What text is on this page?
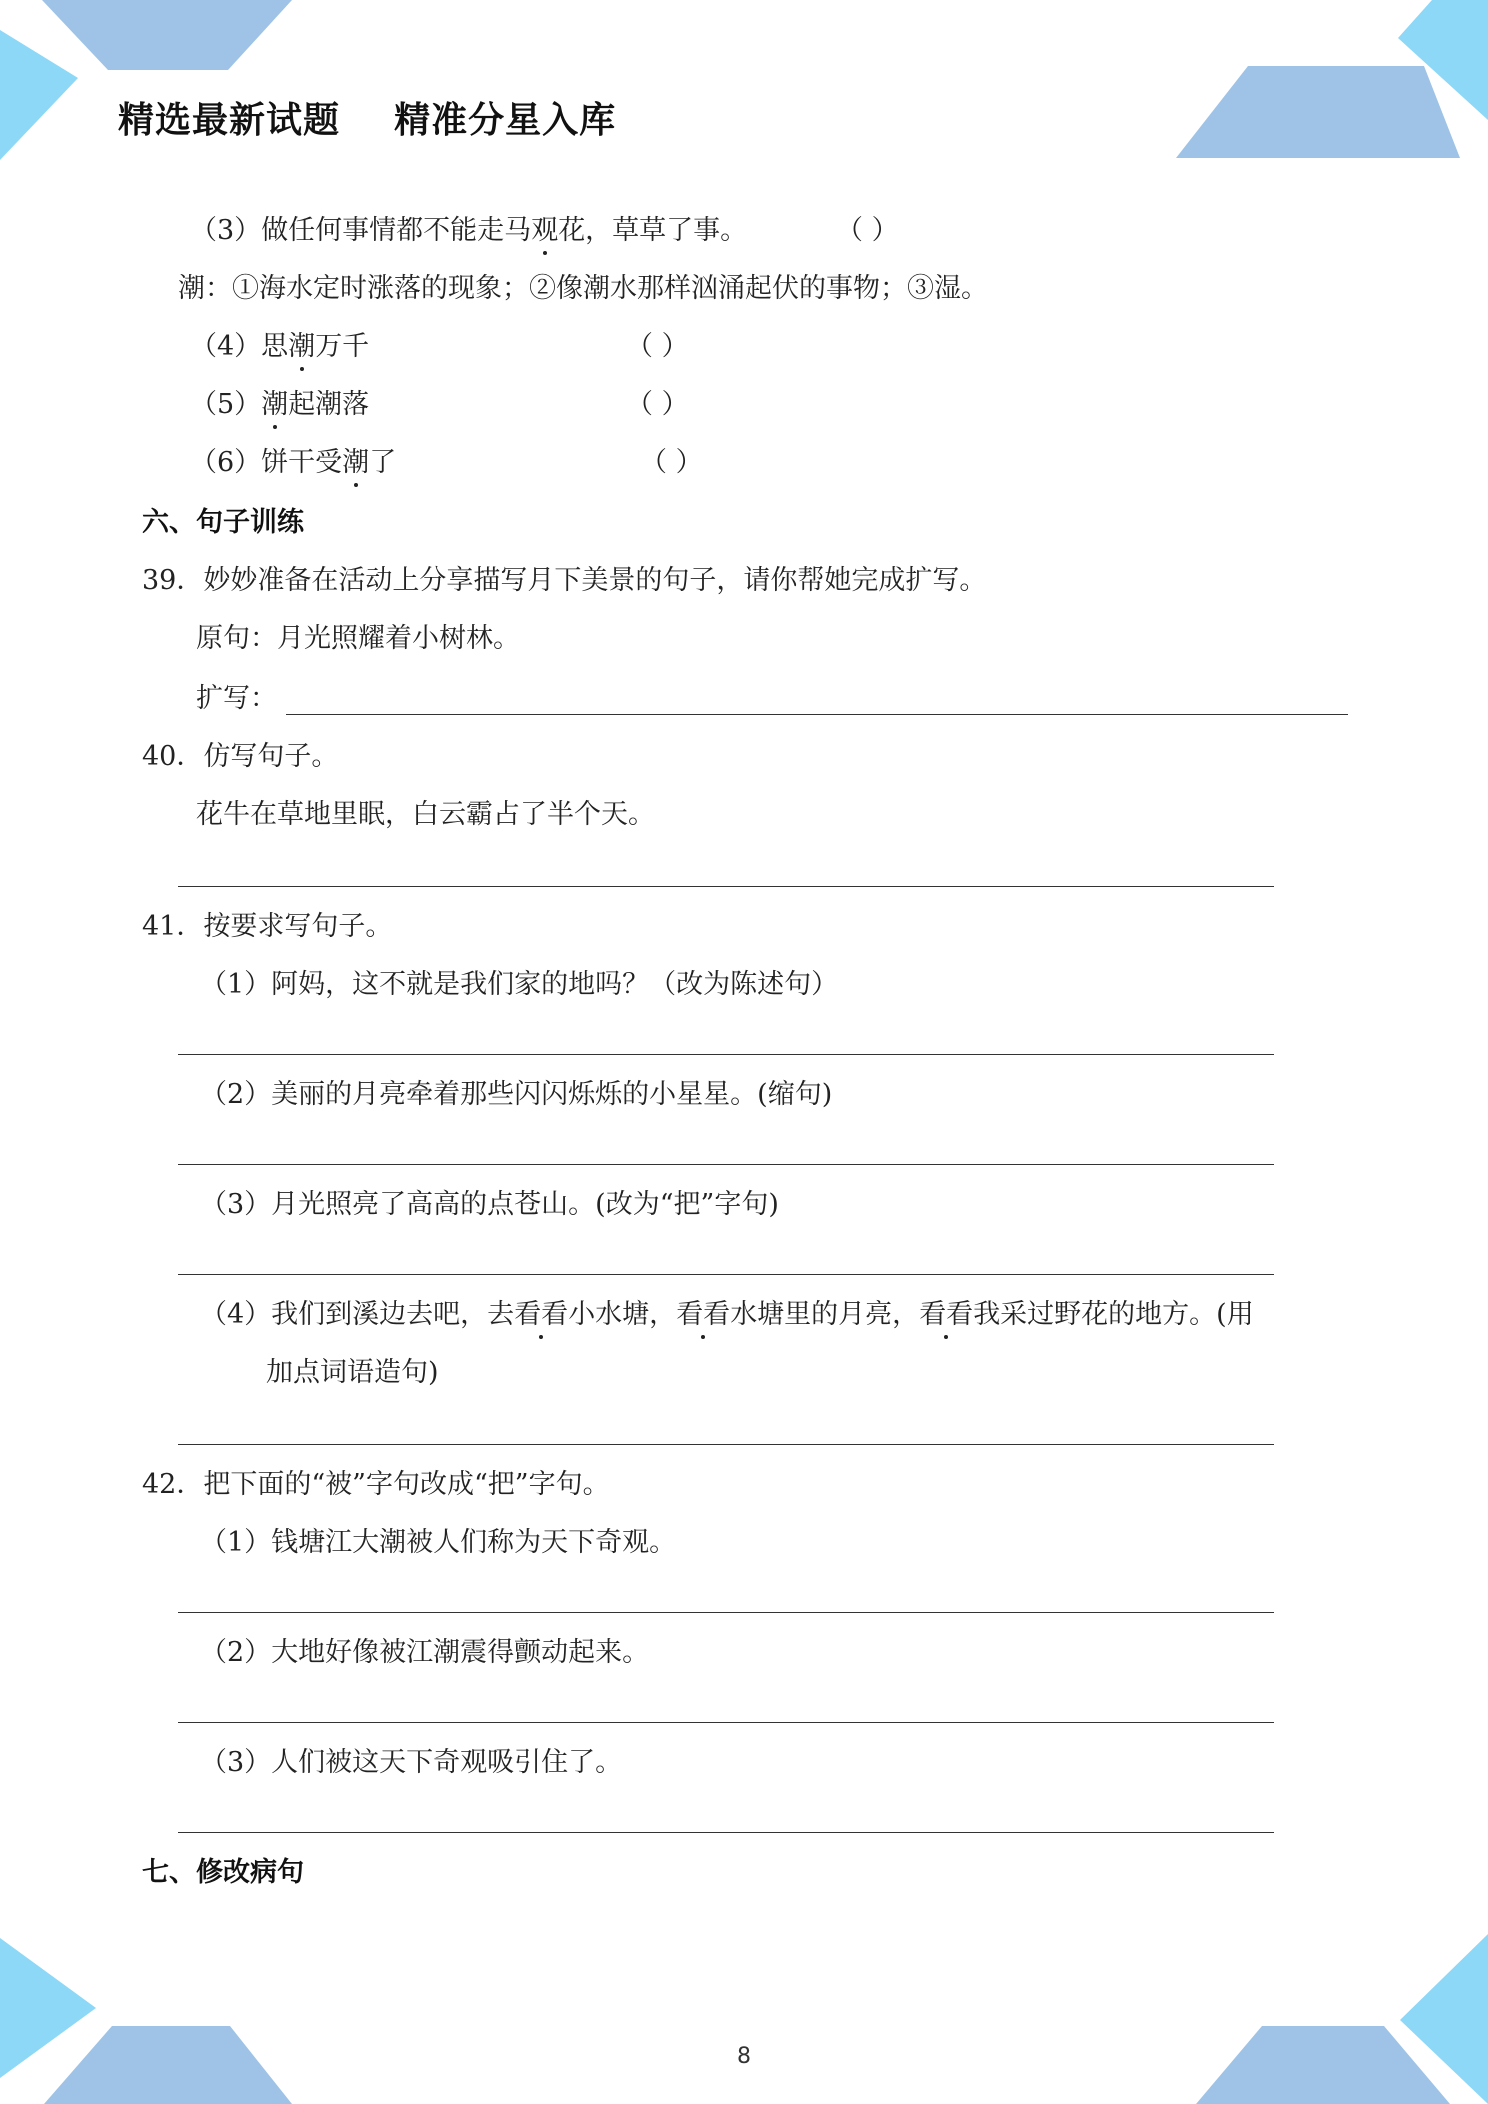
精选最新试题    精准分星入库
（3）做任何事情都不能走马观花，草草了事。	（ ）
潮：①海水定时涨落的现象；②像潮水那样汹涌起伏的事物；③湿。
（4）思潮万千	（ ）
（5）潮起潮落	（ ）
（6）饼干受潮了	（ ）
六、句子训练
39．妙妙准备在活动上分享描写月下美景的句子，请你帮她完成扩写。
原句：月光照耀着小树林。
扩写：
40．仿写句子。
花牛在草地里眠，白云霸占了半个天。
41．按要求写句子。
（1）阿妈，这不就是我们家的地吗？（改为陈述句）
（2）美丽的月亮牵着那些闪闪烁烁的小星星。(缩句)
（3）月光照亮了高高的点苍山。(改为“把”字句)
（4）我们到溪边去吧，去看看小水塘，看看水塘里的月亮，看看我采过野花的地方。(用
加点词语造句)
42．把下面的“被”字句改成“把”字句。
（1）钱塘江大潮被人们称为天下奇观。
（2）大地好像被江潮震得颤动起来。
（3）人们被这天下奇观吸引住了。
七、修改病句
8
